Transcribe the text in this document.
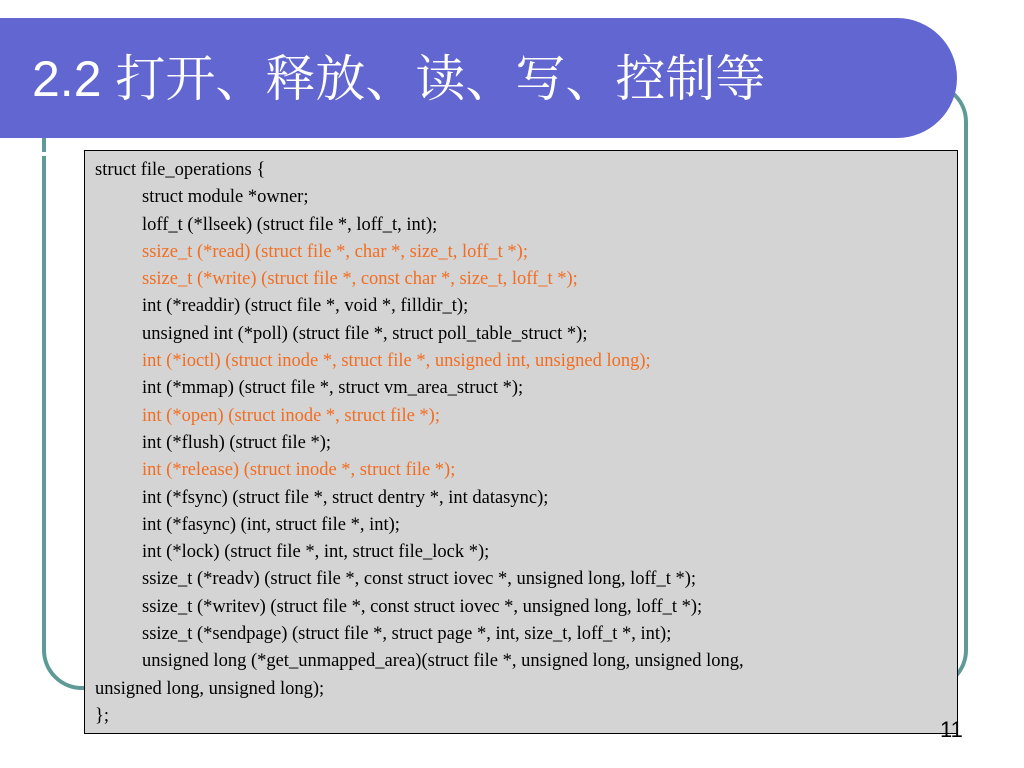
2.2 打开、释放、读、写、控制等
struct file_operations {
struct module *owner;
loff_t (*llseek) (struct file *, loff_t, int);
ssize_t (*read) (struct file *, char *, size_t, loff_t *);
ssize_t (*write) (struct file *, const char *, size_t, loff_t *);
int (*readdir) (struct file *, void *, filldir_t);
unsigned int (*poll) (struct file *, struct poll_table_struct *);
int (*ioctl) (struct inode *, struct file *, unsigned int, unsigned long);
int (*mmap) (struct file *, struct vm_area_struct *);
int (*open) (struct inode *, struct file *);
int (*flush) (struct file *);
int (*release) (struct inode *, struct file *);
int (*fsync) (struct file *, struct dentry *, int datasync);
int (*fasync) (int, struct file *, int);
int (*lock) (struct file *, int, struct file_lock *);
ssize_t (*readv) (struct file *, const struct iovec *, unsigned long, loff_t *);
ssize_t (*writev) (struct file *, const struct iovec *, unsigned long, loff_t *);
ssize_t (*sendpage) (struct file *, struct page *, int, size_t, loff_t *, int);
unsigned long (*get_unmapped_area)(struct file *, unsigned long, unsigned long,
unsigned long, unsigned long);
};
11
